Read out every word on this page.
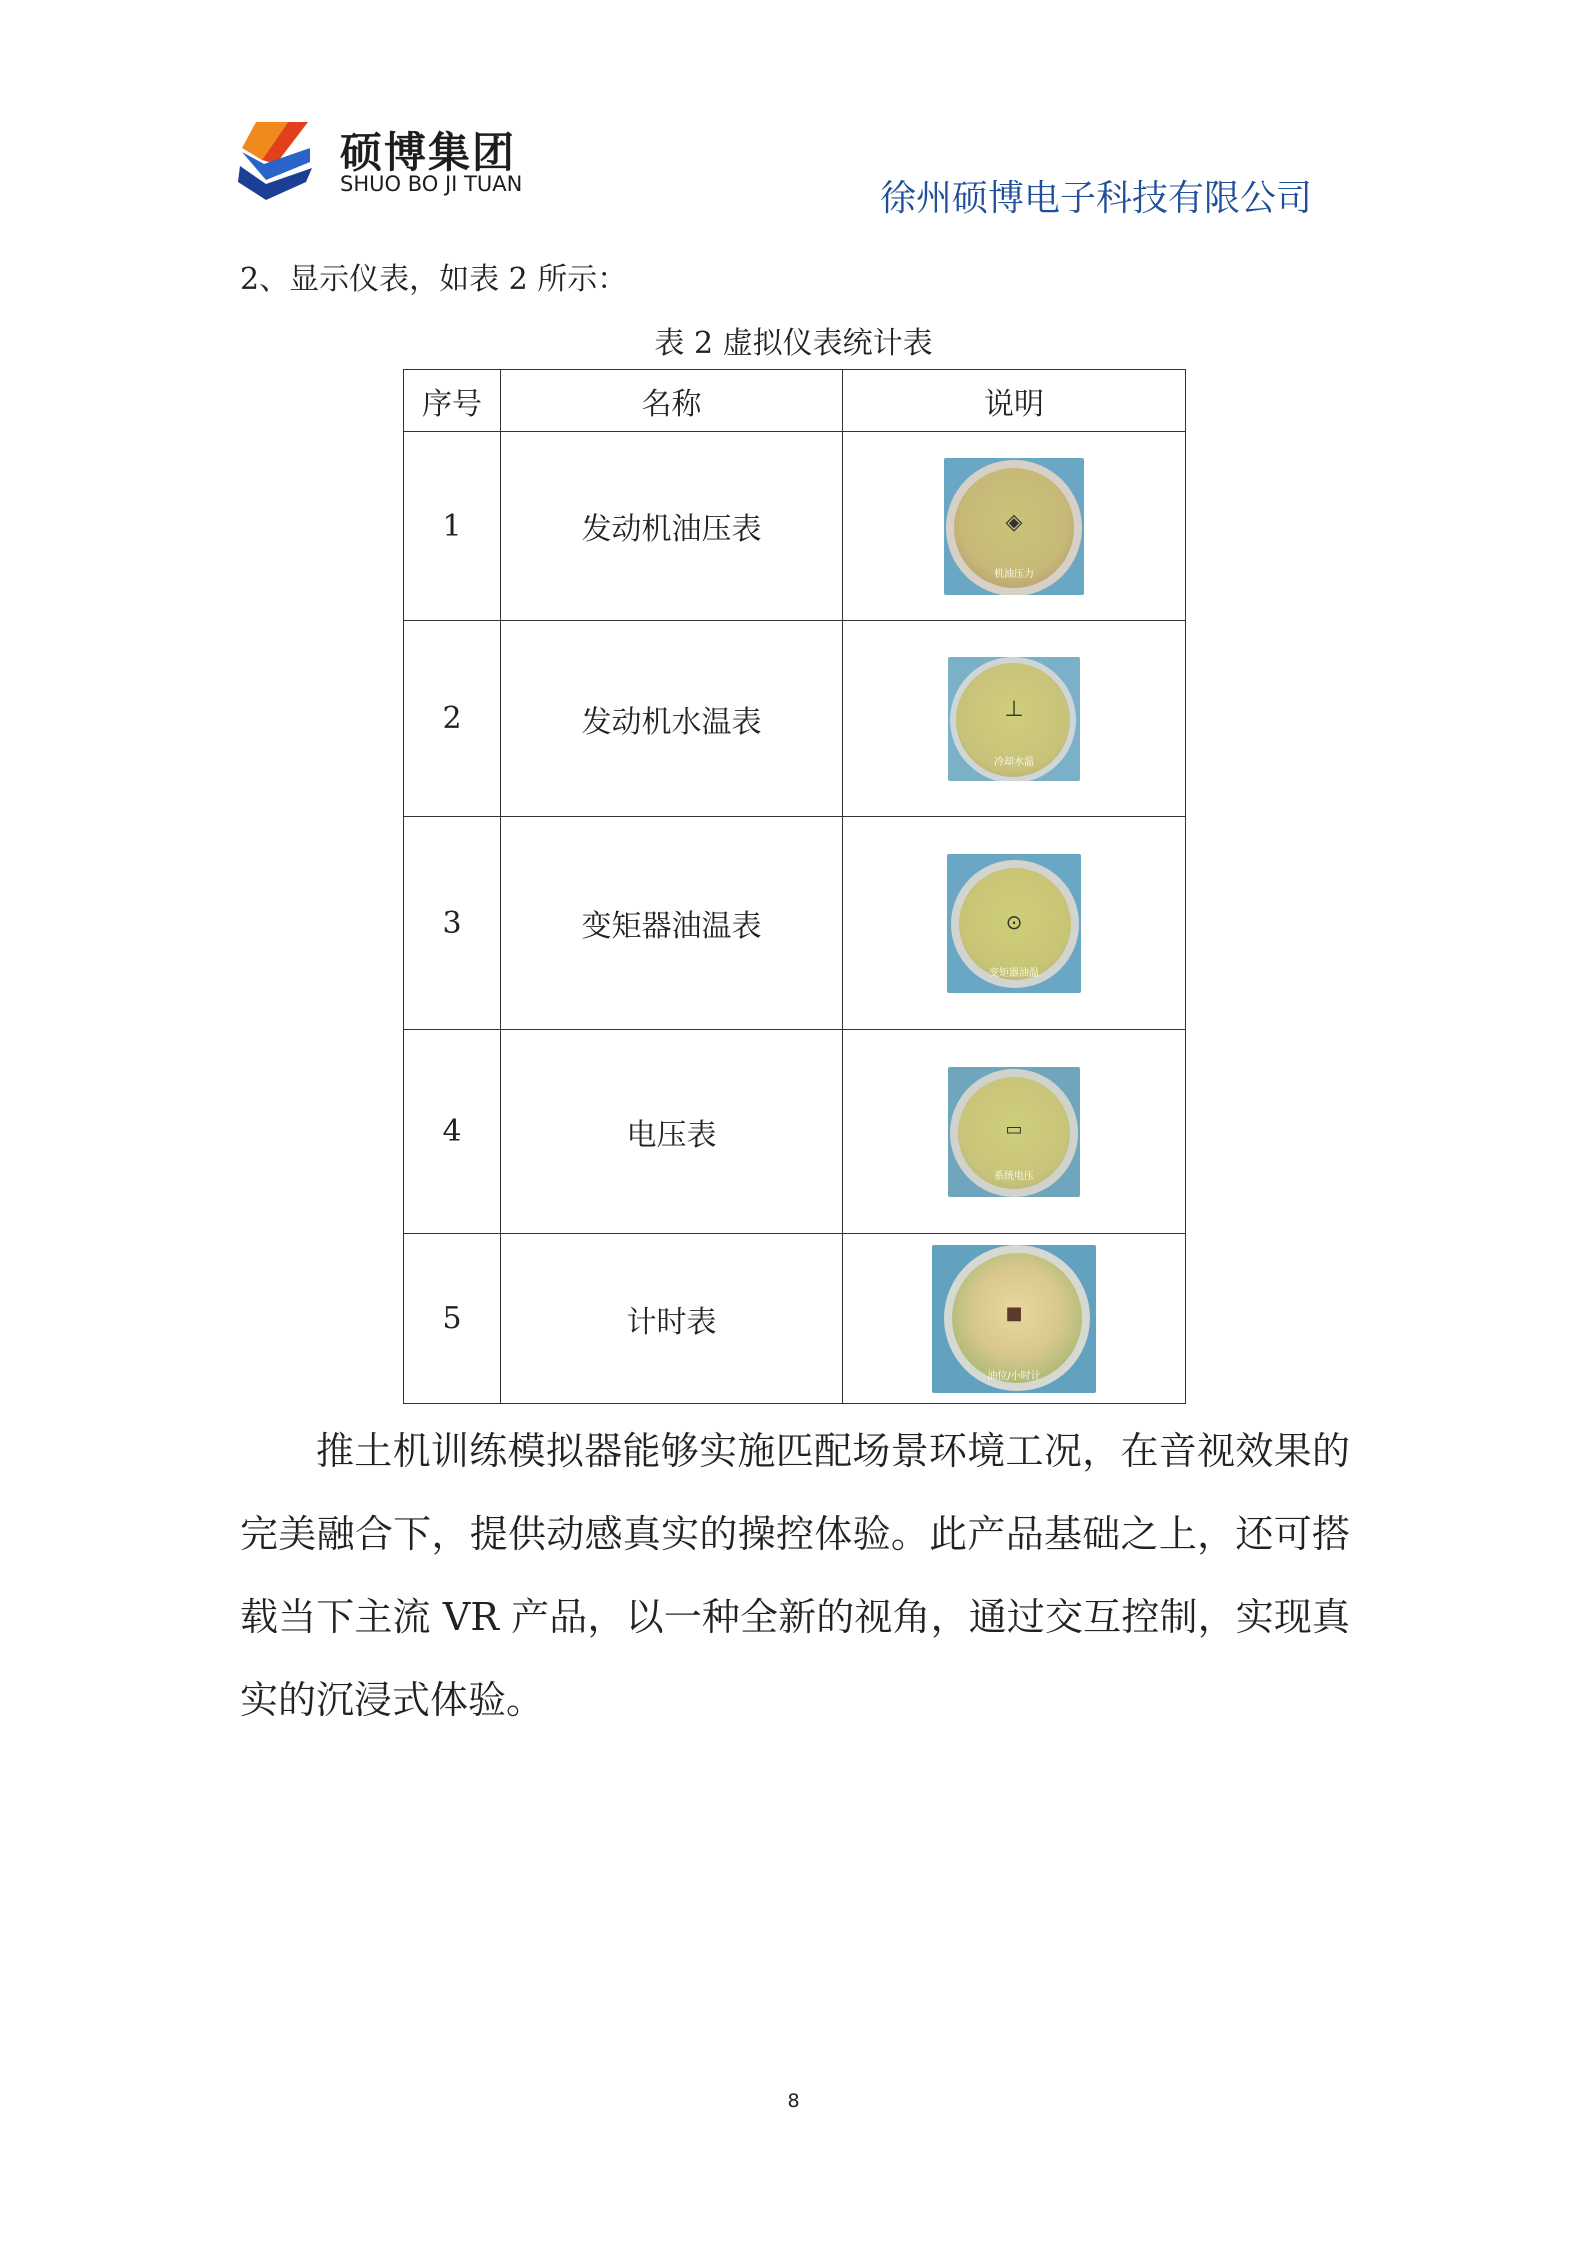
硕博集团
SHUO BO JI TUAN	徐州硕博电子科技有限公司
2、显示仪表，如表 2 所示：
表 2 虚拟仪表统计表
序号	名称	说明
1	发动机油压表	◈
机油压力

2	发动机水温表	⊥
冷却水温

3	变矩器油温表	⊙
变矩器油温

4	电压表	▭
系统电压

5	计时表	■
油位/小时计
推土机训练模拟器能够实施匹配场景环境工况，在音视效果的完美融合下，提供动感真实的操控体验。此产品基础之上，还可搭载当下主流 VR 产品，以一种全新的视角，通过交互控制，实现真实的沉浸式体验。
8
